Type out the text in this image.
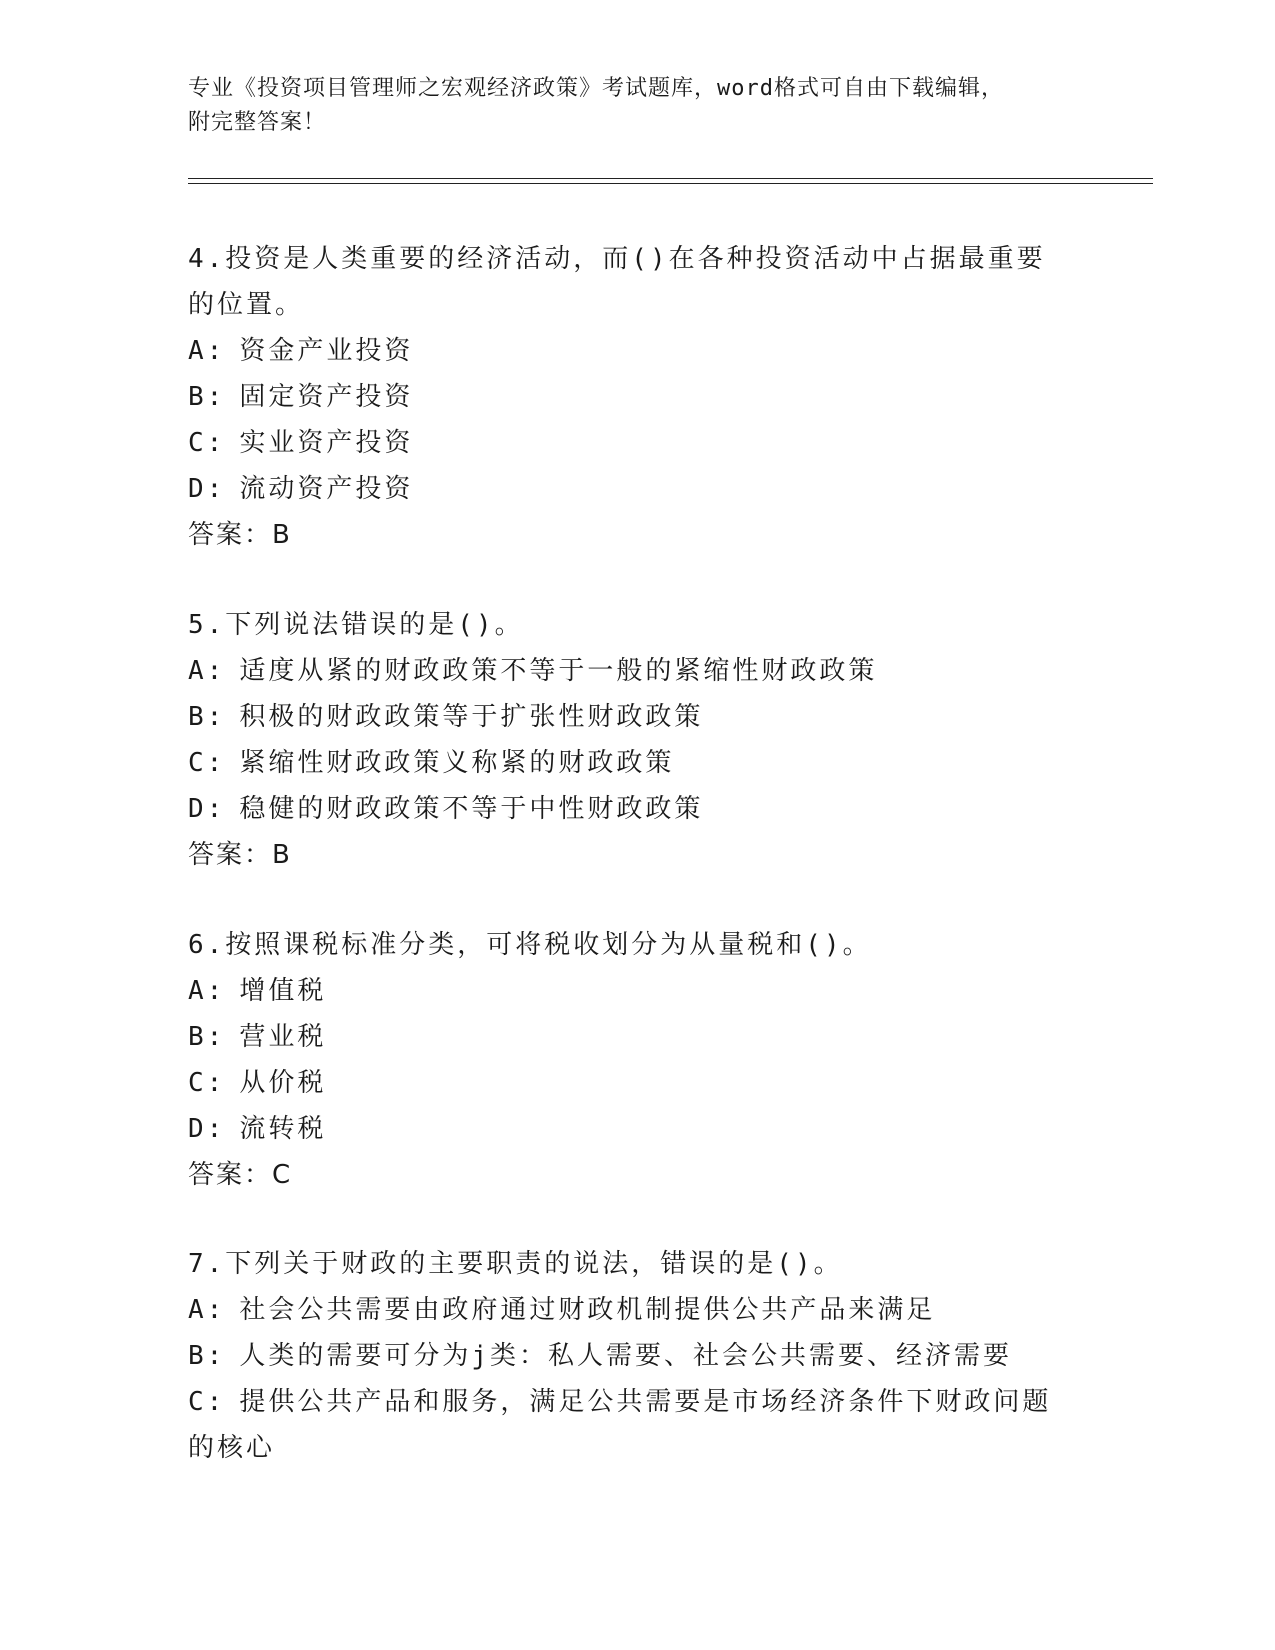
专业《投资项目管理师之宏观经济政策》考试题库，word格式可自由下载编辑，
附完整答案！
4.投资是人类重要的经济活动，而()在各种投资活动中占据最重要的位置。
A: 资金产业投资
B: 固定资产投资
C: 实业资产投资
D: 流动资产投资
答案：B
5.下列说法错误的是()。
A: 适度从紧的财政政策不等于一般的紧缩性财政政策
B: 积极的财政政策等于扩张性财政政策
C: 紧缩性财政政策义称紧的财政政策
D: 稳健的财政政策不等于中性财政政策
答案：B
6.按照课税标准分类，可将税收划分为从量税和()。
A: 增值税
B: 营业税
C: 从价税
D: 流转税
答案：C
7.下列关于财政的主要职责的说法，错误的是()。
A: 社会公共需要由政府通过财政机制提供公共产品来满足
B: 人类的需要可分为j类：私人需要、社会公共需要、经济需要
C: 提供公共产品和服务，满足公共需要是市场经济条件下财政问题的核心
